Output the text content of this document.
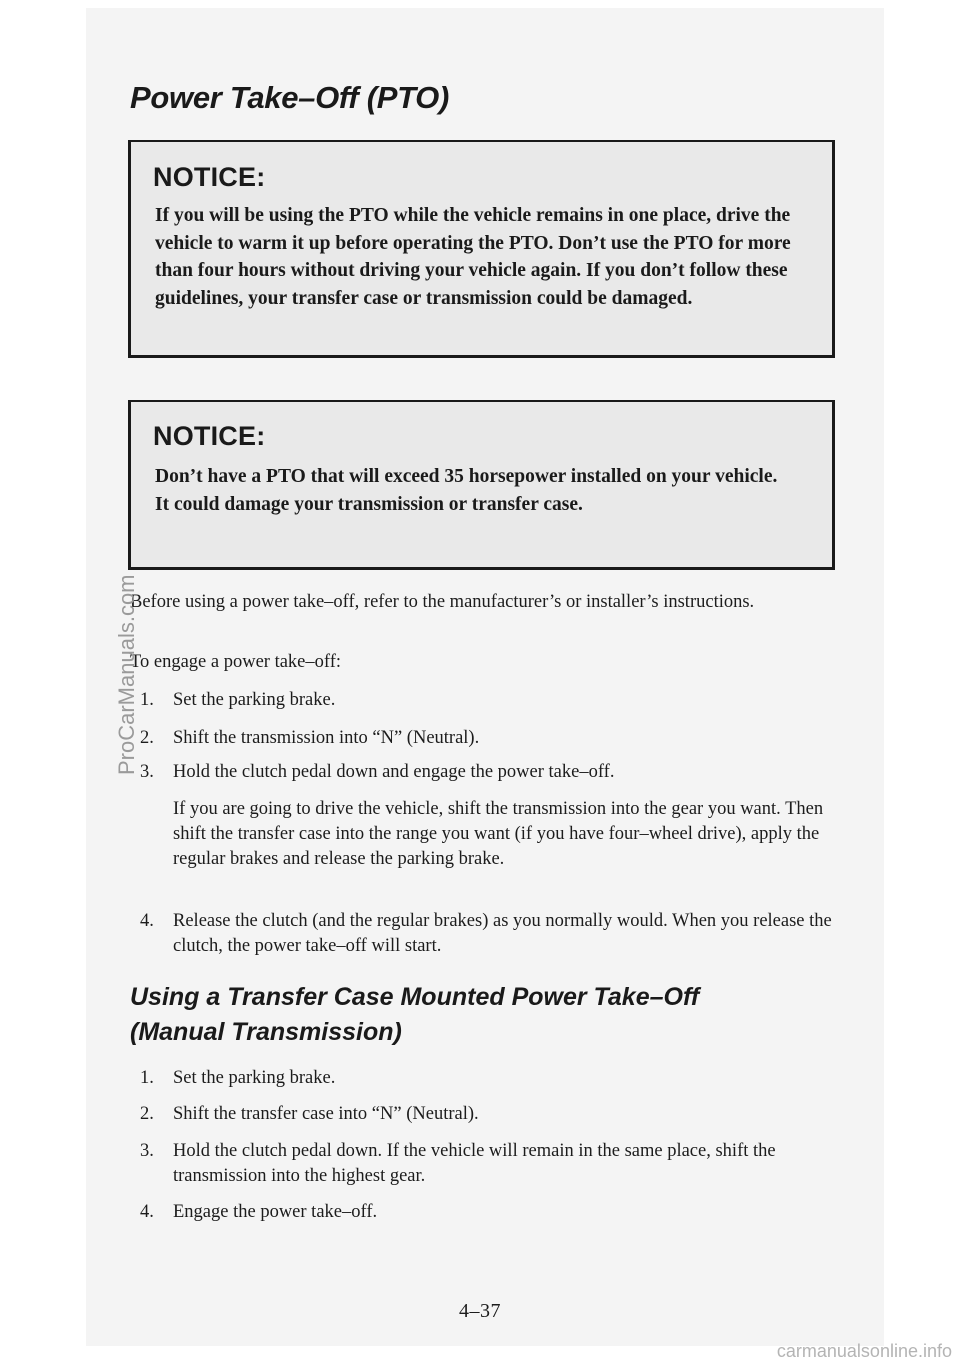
Power Take–Off (PTO)
NOTICE:

If you will be using the PTO while the vehicle remains in one place, drive the vehicle to warm it up before operating the PTO. Don’t use the PTO for more than four hours without driving your vehicle again. If you don’t follow these guidelines, your transfer case or transmission could be damaged.

NOTICE:

Don’t have a PTO that will exceed 35 horsepower installed on your vehicle. It could damage your transmission or transfer case.

Before using a power take–off, refer to the manufacturer’s or installer’s instructions.

To engage a power take–off:

1. Set the parking brake.
2. Shift the transmission into “N” (Neutral).
3. Hold the clutch pedal down and engage the power take–off.

If you are going to drive the vehicle, shift the transmission into the gear you want. Then shift the transfer case into the range you want (if you have four–wheel drive), apply the regular brakes and release the parking brake.

4. Release the clutch (and the regular brakes) as you normally would. When you release the clutch, the power take–off will start.
Using a Transfer Case Mounted Power Take–Off
(Manual Transmission)
1. Set the parking brake.
2. Shift the transfer case into “N” (Neutral).
3. Hold the clutch pedal down. If the vehicle will remain in the same place, shift the transmission into the highest gear.
4. Engage the power take–off.
4–37
ProCarManuals.com
carmanualsonline.info
